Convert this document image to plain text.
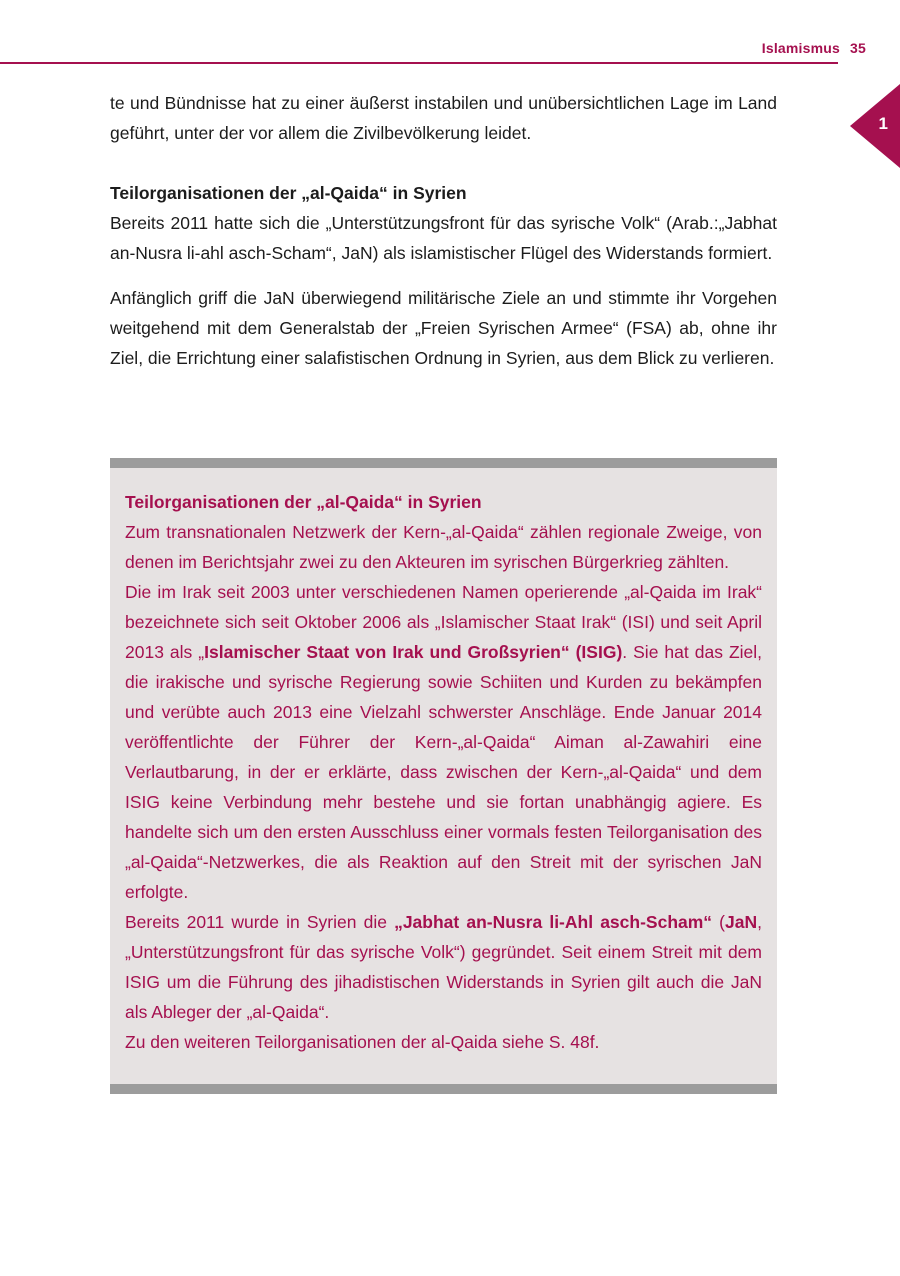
Islamismus 35
1

te und Bündnisse hat zu einer äußerst instabilen und unübersichtlichen Lage im Land geführt, unter der vor allem die Zivilbevölkerung leidet.

Teilorganisationen der „al-Qaida“ in Syrien

Bereits 2011 hatte sich die „Unterstützungsfront für das syrische Volk“ (Arab.:„Jabhat an-Nusra li-ahl asch-Scham“, JaN) als islamistischer Flügel des Widerstands formiert.

Anfänglich griff die JaN überwiegend militärische Ziele an und stimmte ihr Vorgehen weitgehend mit dem Generalstab der „Freien Syrischen Armee“ (FSA) ab, ohne ihr Ziel, die Errichtung einer salafistischen Ordnung in Syrien, aus dem Blick zu verlieren.

Teilorganisationen der „al-Qaida“ in Syrien

Zum transnationalen Netzwerk der Kern-„al-Qaida“ zählen regionale Zweige, von denen im Berichtsjahr zwei zu den Akteuren im syrischen Bürgerkrieg zählten.

Die im Irak seit 2003 unter verschiedenen Namen operierende „al-Qaida im Irak“ bezeichnete sich seit Oktober 2006 als „Islamischer Staat Irak“ (ISI) und seit April 2013 als „Islamischer Staat von Irak und Großsyrien“ (ISIG). Sie hat das Ziel, die irakische und syrische Regierung sowie Schiiten und Kurden zu bekämpfen und verübte auch 2013 eine Vielzahl schwerster Anschläge. Ende Januar 2014 veröffentlichte der Führer der Kern-„al-Qaida“ Aiman al-Zawahiri eine Verlautbarung, in der er erklärte, dass zwischen der Kern-„al-Qaida“ und dem ISIG keine Verbindung mehr bestehe und sie fortan unabhängig agiere. Es handelte sich um den ersten Ausschluss einer vormals festen Teilorganisation des „al-Qaida“-Netzwerkes, die als Reaktion auf den Streit mit der syrischen JaN erfolgte.

Bereits 2011 wurde in Syrien die „Jabhat an-Nusra li-Ahl asch-Scham“ (JaN, „Unterstützungsfront für das syrische Volk“) gegründet. Seit einem Streit mit dem ISIG um die Führung des jihadistischen Widerstands in Syrien gilt auch die JaN als Ableger der „al-Qaida“.

Zu den weiteren Teilorganisationen der al-Qaida siehe S. 48f.
